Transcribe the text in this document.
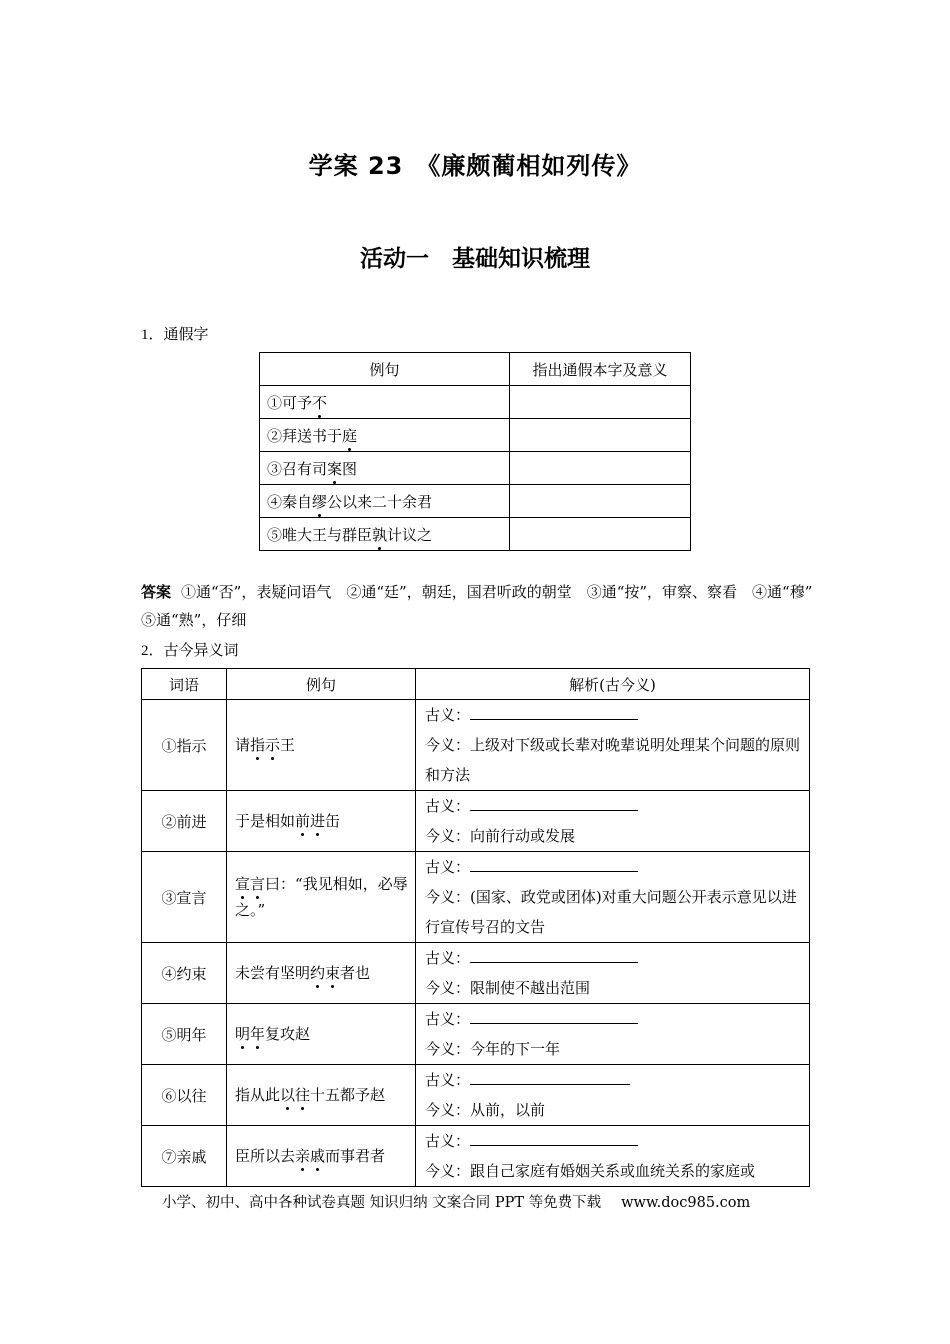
学案 23　《廉颇蔺相如列传》
活动一　基础知识梳理
1．通假字
例句	指出通假本字及意义
①可予不	
②拜送书于庭	
③召有司案图	
④秦自缪公以来二十余君	
⑤唯大王与群臣孰计议之	
答案 ①通“否”，表疑问语气　②通“廷”，朝廷，国君听政的朝堂　③通“按”，审察、察看　④通“穆”　⑤通“熟”，仔细
2．古今异义词
词语	例句	解析(古今义)
①指示	请指示王	古义：
今义：上级对下级或长辈对晚辈说明处理某个问题的原则和方法

②前进	于是相如前进缶	古义：
今义：向前行动或发展

③宣言	宣言曰：“我见相如，必辱之。”	古义：
今义：(国家、政党或团体)对重大问题公开表示意见以进行宣传号召的文告

④约束	未尝有坚明约束者也	古义：
今义：限制使不越出范围

⑤明年	明年复攻赵	古义：
今义：今年的下一年

⑥以往	指从此以往十五都予赵	古义：
今义：从前，以前

⑦亲戚	臣所以去亲戚而事君者	古义：
今义：跟自己家庭有婚姻关系或血统关系的家庭或
小学、初中、高中各种试卷真题 知识归纳 文案合同 PPT 等免费下载 www.doc985.com
